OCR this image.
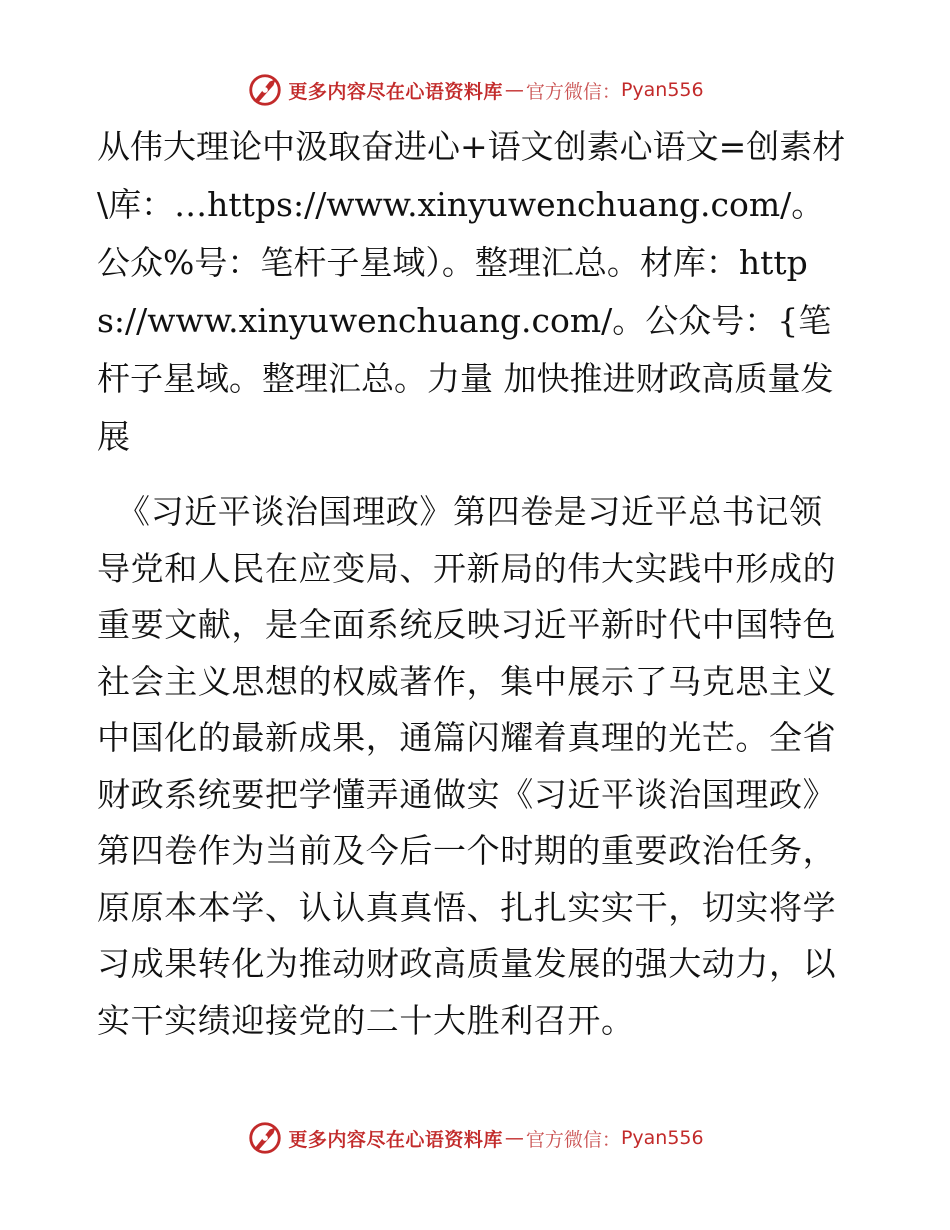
更多内容尽在心语资料库 — 官方微信： Pyan556

从伟大理论中汲取奋进心+语文创素心语文=创素材\库：…https://www.xinyuwenchuang.com/。公众%号：笔杆子星域）。整理汇总。材库：https://www.xinyuwenchuang.com/。公众号：{笔杆子星域。整理汇总。力量 加快推进财政高质量发展

《习近平谈治国理政》第四卷是习近平总书记领导党和人民在应变局、开新局的伟大实践中形成的重要文献，是全面系统反映习近平新时代中国特色社会主义思想的权威著作，集中展示了马克思主义中国化的最新成果，通篇闪耀着真理的光芒。全省财政系统要把学懂弄通做实《习近平谈治国理政》第四卷作为当前及今后一个时期的重要政治任务，原原本本学、认认真真悟、扎扎实实干，切实将学习成果转化为推动财政高质量发展的强大动力，以实干实绩迎接党的二十大胜利召开。

更多内容尽在心语资料库 — 官方微信： Pyan556
